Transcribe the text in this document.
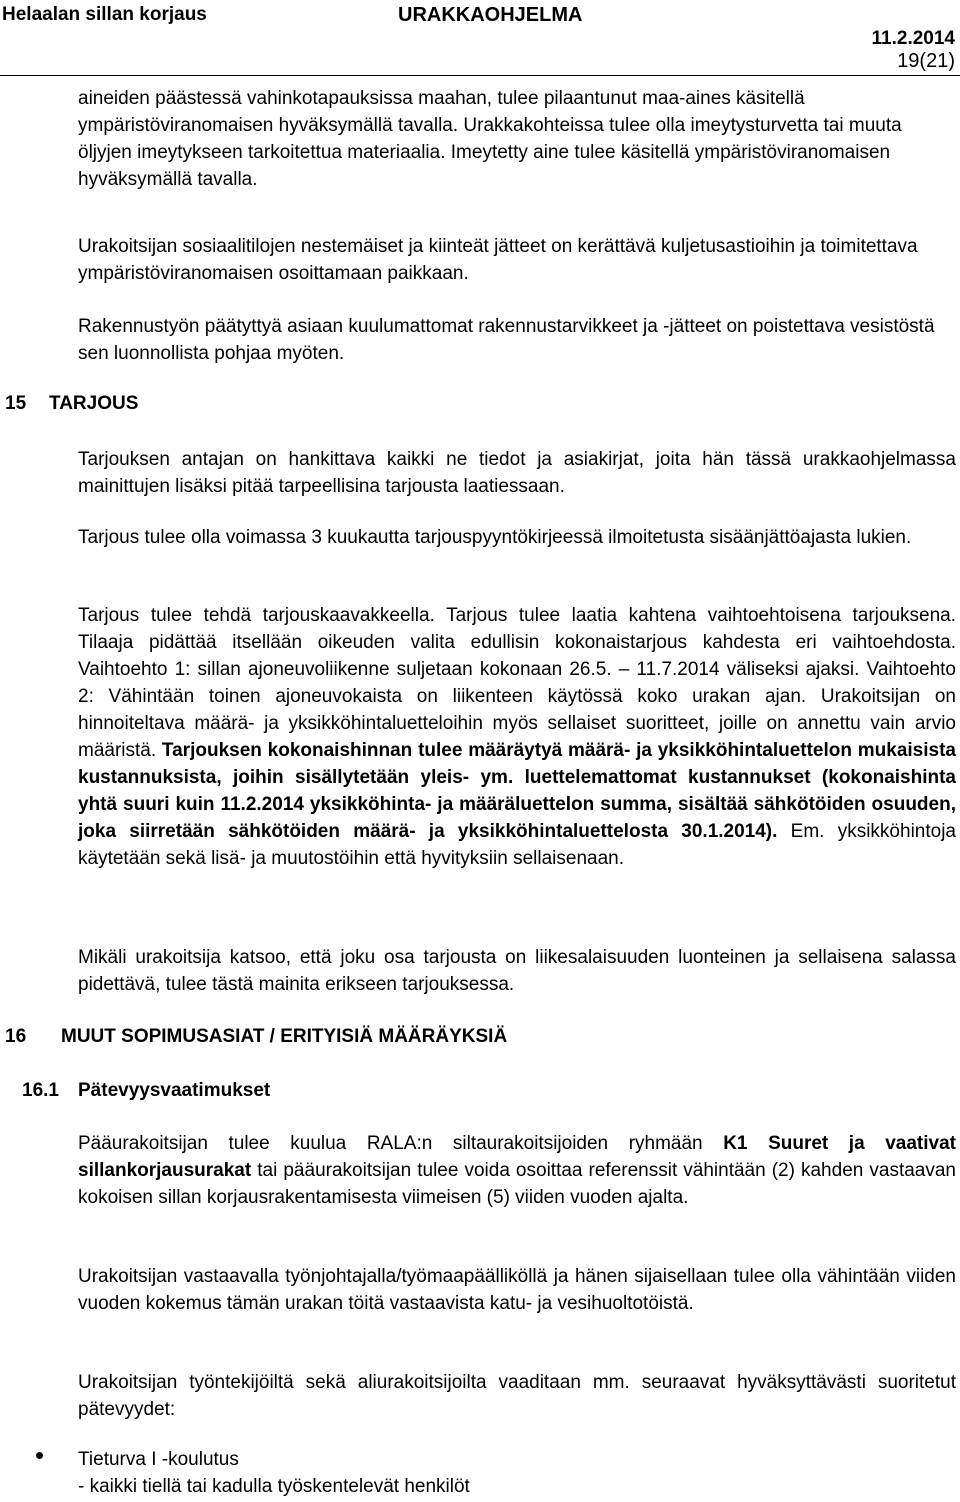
Helaalan sillan korjaus	URAKKAOHJELMA
11.2.2014
19(21)

aineiden päästessä vahinkotapauksissa maahan, tulee pilaantunut maa-aines käsitellä ympäristöviranomaisen hyväksymällä tavalla. Urakkakohteissa tulee olla imeytysturvetta tai muuta öljyjen imeytykseen tarkoitettua materiaalia. Imeytetty aine tulee käsitellä ympäristöviranomaisen hyväksymällä tavalla.

Urakoitsijan sosiaalitilojen nestemäiset ja kiinteät jätteet on kerättävä kuljetusastioihin ja toimitettava ympäristöviranomaisen osoittamaan paikkaan.

Rakennustyön päätyttyä asiaan kuulumattomat rakennustarvikkeet ja -jätteet on poistettava vesistöstä sen luonnollista pohjaa myöten.

15 TARJOUS

Tarjouksen antajan on hankittava kaikki ne tiedot ja asiakirjat, joita hän tässä urakkaohjelmassa mainittujen lisäksi pitää tarpeellisina tarjousta laatiessaan.

Tarjous tulee olla voimassa 3 kuukautta tarjouspyyntökirjeessä ilmoitetusta sisäänjättöajasta lukien.

Tarjous tulee tehdä tarjouskaavakkeella. Tarjous tulee laatia kahtena vaihtoehtoisena tarjouksena. Tilaaja pidättää itsellään oikeuden valita edullisin kokonaistarjous kahdesta eri vaihtoehdosta. Vaihtoehto 1: sillan ajoneuvoliikenne suljetaan kokonaan 26.5. – 11.7.2014 väliseksi ajaksi. Vaihtoehto 2: Vähintään toinen ajoneuvokaista on liikenteen käytössä koko urakan ajan. Urakoitsijan on hinnoiteltava määrä- ja yksikköhintaluetteloihin myös sellaiset suoritteet, joille on annettu vain arvio määristä. Tarjouksen kokonaishinnan tulee määräytyä määrä- ja yksikköhintaluettelon mukaisista kustannuksista, joihin sisällytetään yleis- ym. luettelemattomat kustannukset (kokonaishinta yhtä suuri kuin 11.2.2014 yksikköhinta- ja määräluettelon summa, sisältää sähkötöiden osuuden, joka siirretään sähkötöiden määrä- ja yksikköhintaluettelosta 30.1.2014). Em. yksikköhintoja käytetään sekä lisä- ja muutostöihin että hyvityksiin sellaisenaan.

Mikäli urakoitsija katsoo, että joku osa tarjousta on liikesalaisuuden luonteinen ja sellaisena salassa pidettävä, tulee tästä mainita erikseen tarjouksessa.

16 MUUT SOPIMUSASIAT / ERITYISIÄ MÄÄRÄYKSIÄ
16.1 Pätevyysvaatimukset

Pääurakoitsijan tulee kuulua RALA:n siltaurakoitsijoiden ryhmään K1 Suuret ja vaativat sillankorjausurakat tai pääurakoitsijan tulee voida osoittaa referenssit vähintään (2) kahden vastaavan kokoisen sillan korjausrakentamisesta viimeisen (5) viiden vuoden ajalta.

Urakoitsijan vastaavalla työnjohtajalla/työmaapäälliköllä ja hänen sijaisellaan tulee olla vähintään viiden vuoden kokemus tämän urakan töitä vastaavista katu- ja vesihuoltotöistä.

Urakoitsijan työntekijöiltä sekä aliurakoitsijoilta vaaditaan mm. seuraavat hyväksyttävästi suoritetut pätevyydet:

Tieturva I -koulutus
- kaikki tiellä tai kadulla työskentelevät henkilöt
